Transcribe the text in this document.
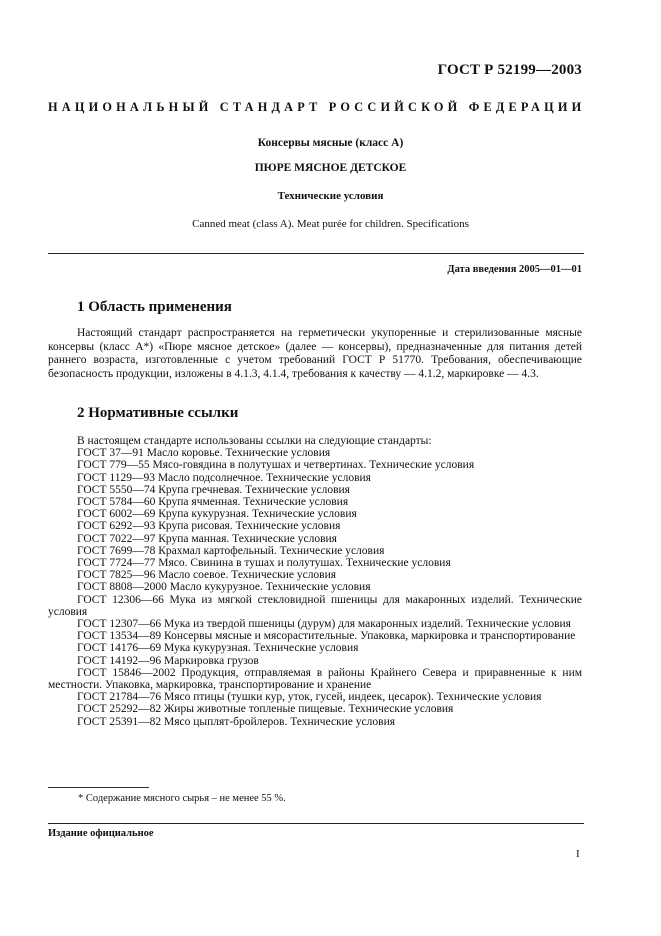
ГОСТ Р 52199—2003
НАЦИОНАЛЬНЫЙ СТАНДАРТ РОССИЙСКОЙ ФЕДЕРАЦИИ
Консервы мясные (класс А)
ПЮРЕ МЯСНОЕ ДЕТСКОЕ
Технические условия
Canned meat (class A). Meat purée for children. Specifications
Дата введения 2005—01—01
1 Область применения
Настоящий стандарт распространяется на герметически укупоренные и стерилизованные мясные консервы (класс А*) «Пюре мясное детское» (далее — консервы), предназначенные для питания детей раннего возраста, изготовленные с учетом требований ГОСТ Р 51770. Требования, обеспечивающие безопасность продукции, изложены в 4.1.3, 4.1.4, требования к качеству — 4.1.2, маркировке — 4.3.
2 Нормативные ссылки
В настоящем стандарте использованы ссылки на следующие стандарты:
ГОСТ 37—91 Масло коровье. Технические условия
ГОСТ 779—55 Мясо-говядина в полутушах и четвертинах. Технические условия
ГОСТ 1129—93 Масло подсолнечное. Технические условия
ГОСТ 5550—74 Крупа гречневая. Технические условия
ГОСТ 5784—60 Крупа ячменная. Технические условия
ГОСТ 6002—69 Крупа кукурузная. Технические условия
ГОСТ 6292—93 Крупа рисовая. Технические условия
ГОСТ 7022—97 Крупа манная. Технические условия
ГОСТ 7699—78 Крахмал картофельный. Технические условия
ГОСТ 7724—77 Мясо. Свинина в тушах и полутушах. Технические условия
ГОСТ 7825—96 Масло соевое. Технические условия
ГОСТ 8808—2000 Масло кукурузное. Технические условия
ГОСТ 12306—66 Мука из мягкой стекловидной пшеницы для макаронных изделий. Технические условия
ГОСТ 12307—66 Мука из твердой пшеницы (дурум) для макаронных изделий. Технические условия
ГОСТ 13534—89 Консервы мясные и мясорастительные. Упаковка, маркировка и транспортирование
ГОСТ 14176—69 Мука кукурузная. Технические условия
ГОСТ 14192—96 Маркировка грузов
ГОСТ 15846—2002 Продукция, отправляемая в районы Крайнего Севера и приравненные к ним местности. Упаковка, маркировка, транспортирование и хранение
ГОСТ 21784—76 Мясо птицы (тушки кур, уток, гусей, индеек, цесарок). Технические условия
ГОСТ 25292—82 Жиры животные топленые пищевые. Технические условия
ГОСТ 25391—82 Мясо цыплят-бройлеров. Технические условия
* Содержание мясного сырья – не менее 55 %.
Издание официальное
I
